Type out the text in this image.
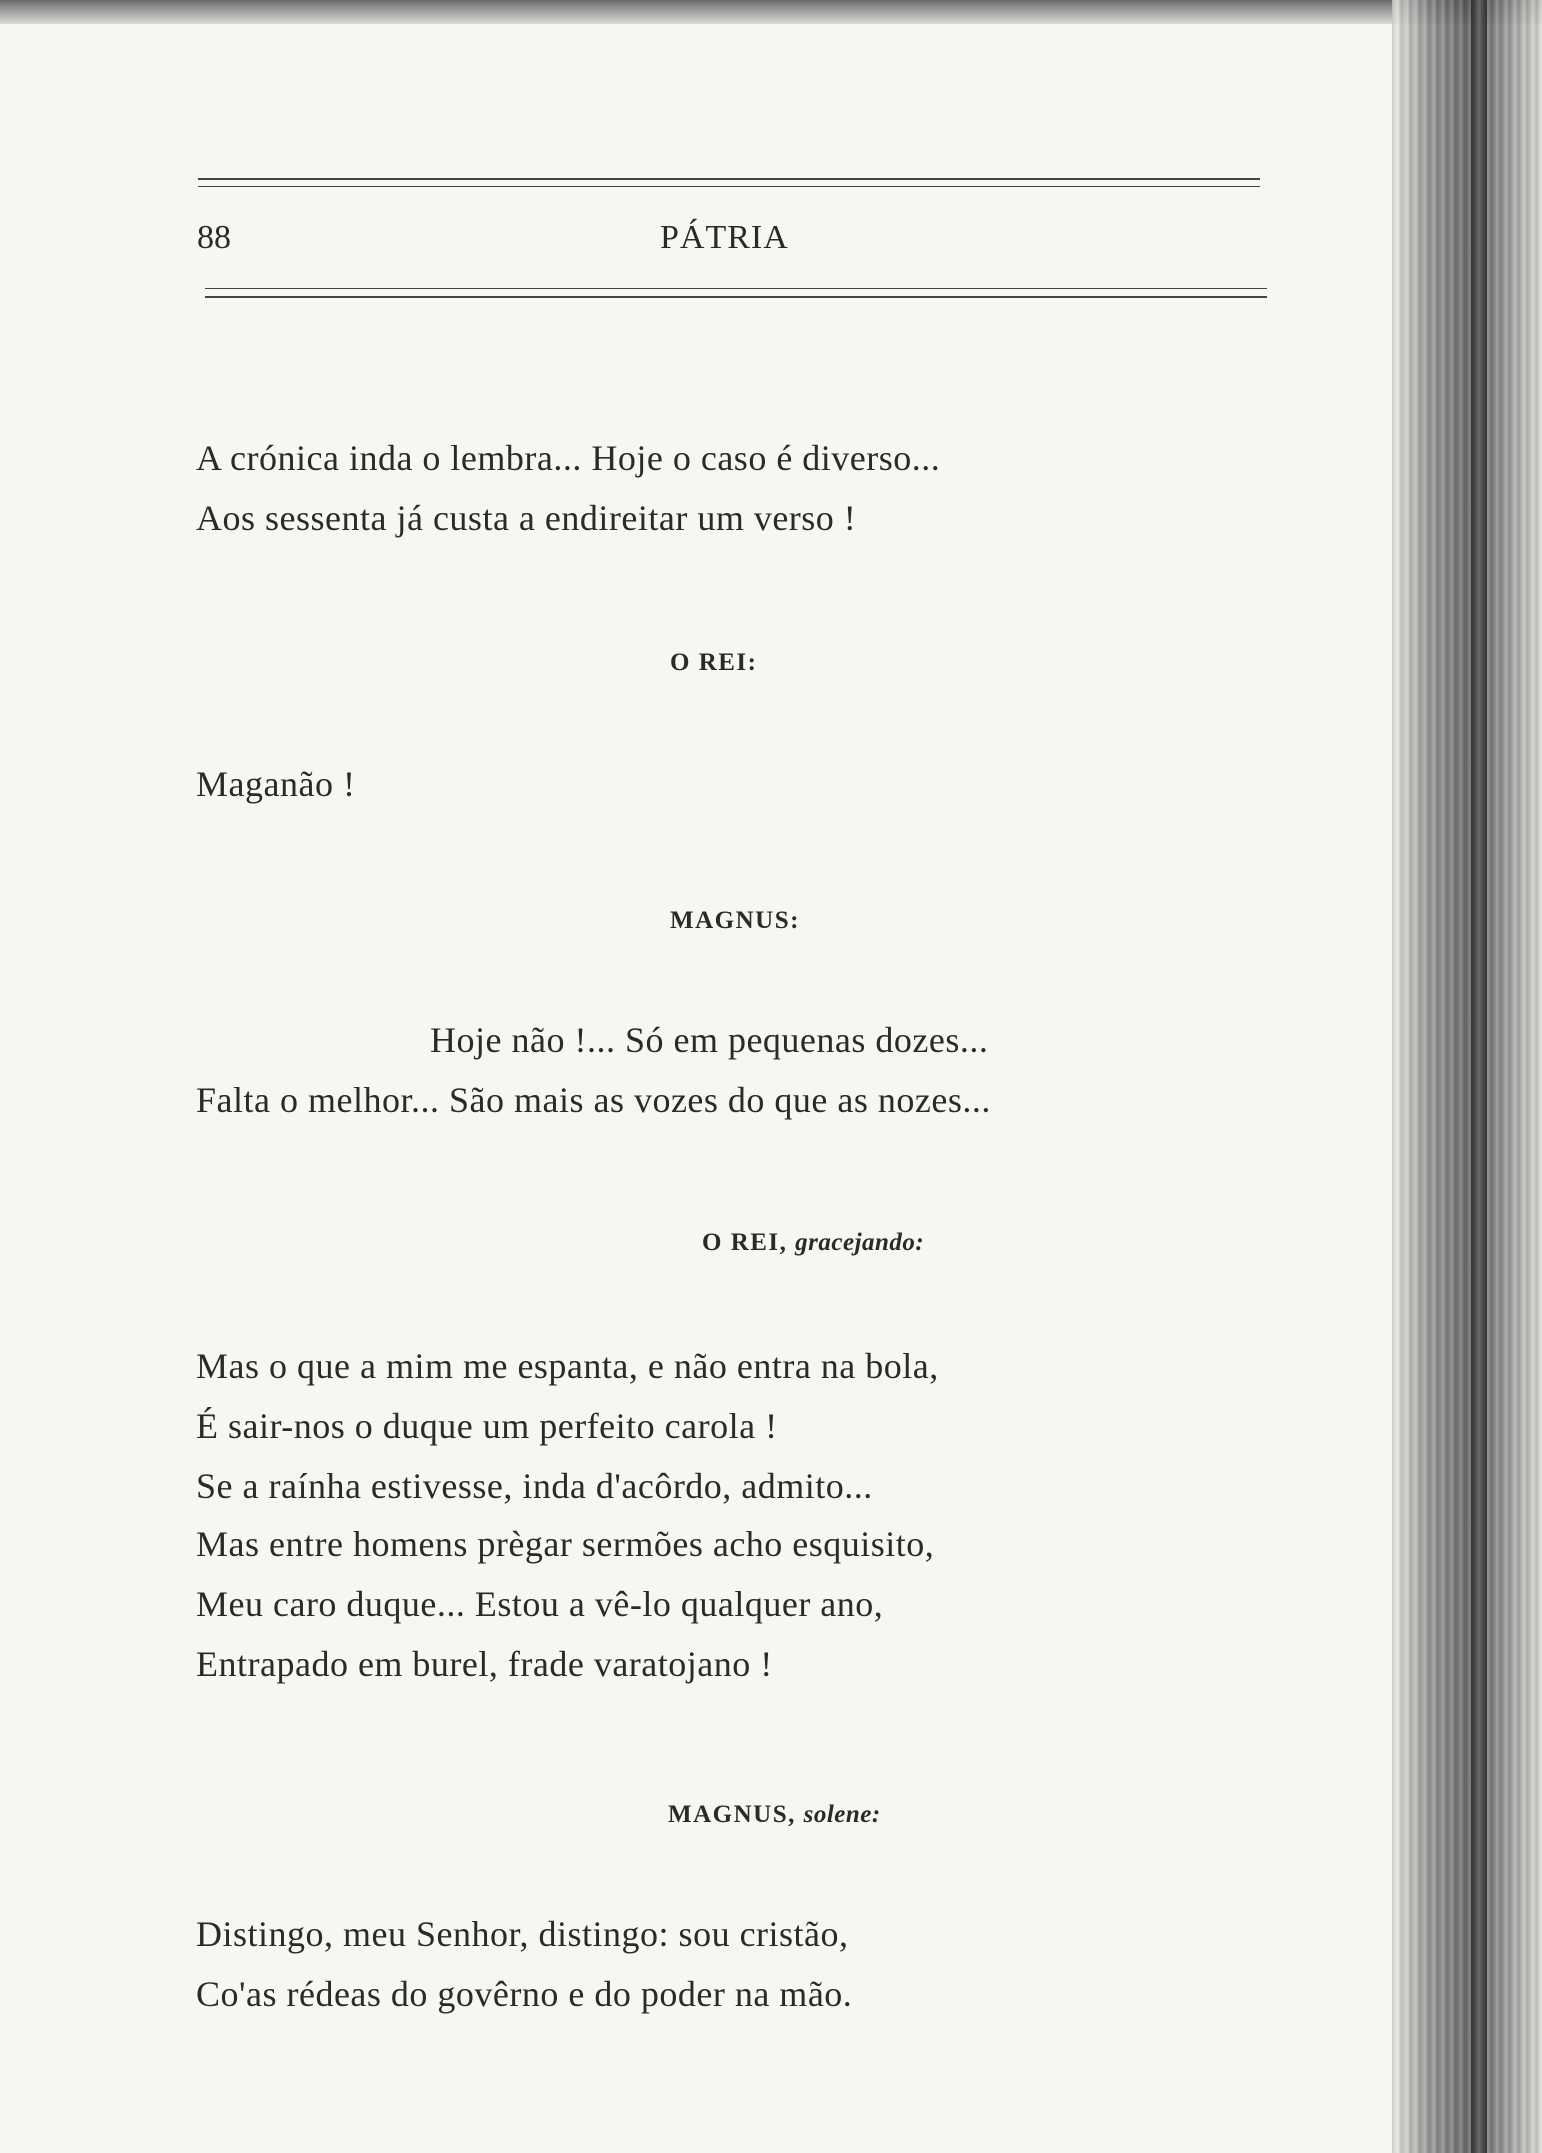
88	PÁTRIA
A crónica inda o lembra... Hoje o caso é diverso...
Aos sessenta já custa a endireitar um verso !
O REI:
Maganão !
MAGNUS:
Hoje não !... Só em pequenas dozes...
Falta o melhor... São mais as vozes do que as nozes...
O REI, gracejando:
Mas o que a mim me espanta, e não entra na bola,
É sair-nos o duque um perfeito carola !
Se a raínha estivesse, inda d'acôrdo, admito...
Mas entre homens prègar sermões acho esquisito,
Meu caro duque... Estou a vê-lo qualquer ano,
Entrapado em burel, frade varatojano !
MAGNUS, solene:
Distingo, meu Senhor, distingo: sou cristão,
Co'as rédeas do govêrno e do poder na mão.
